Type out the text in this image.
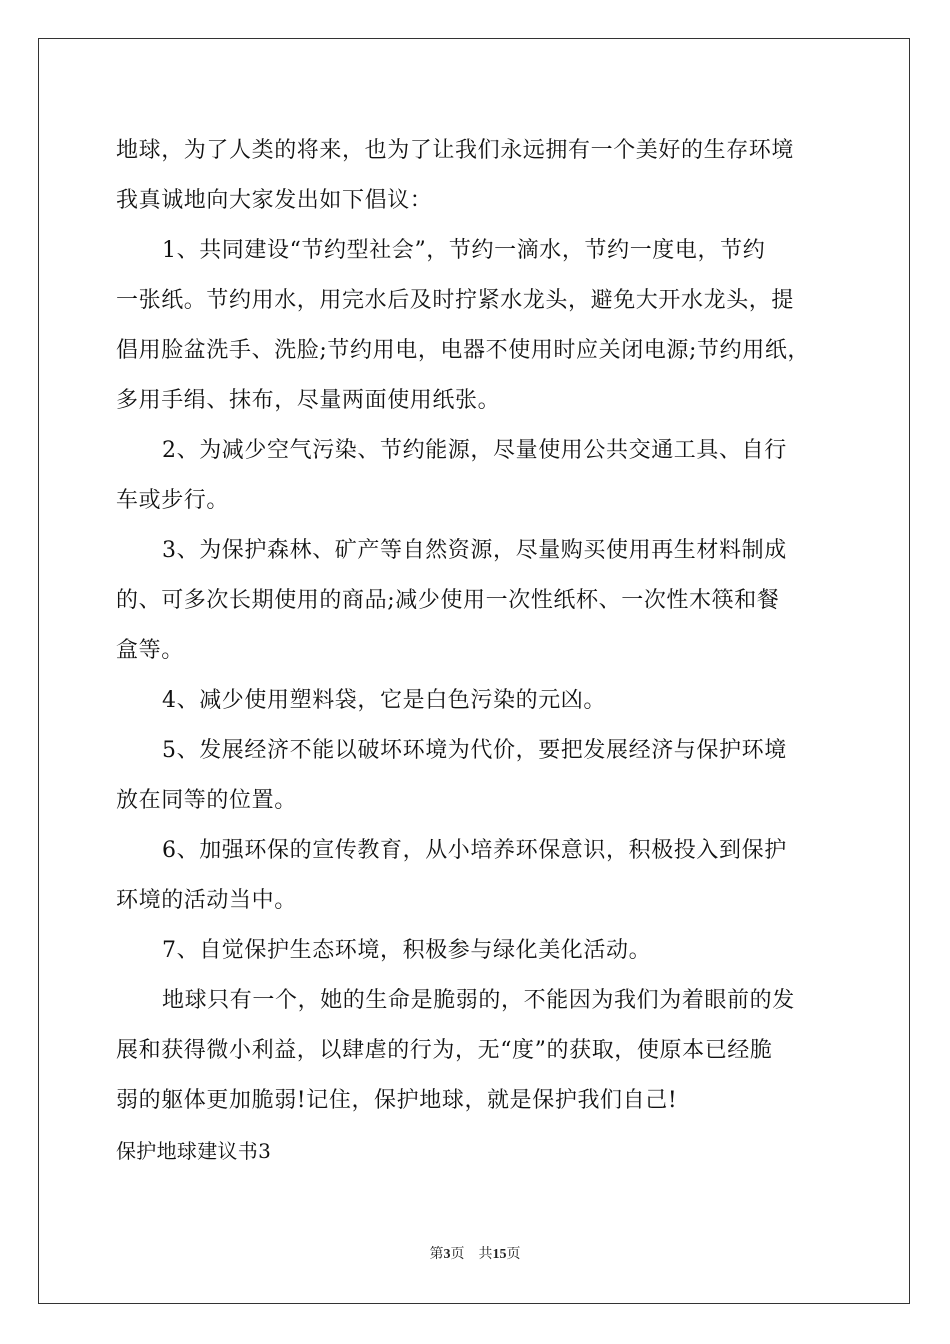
地球，为了人类的将来，也为了让我们永远拥有一个美好的生存环境
我真诚地向大家发出如下倡议：
1、共同建设“节约型社会”，节约一滴水，节约一度电，节约
一张纸。节约用水，用完水后及时拧紧水龙头，避免大开水龙头，提
倡用脸盆洗手、洗脸;节约用电，电器不使用时应关闭电源;节约用纸，
多用手绢、抹布，尽量两面使用纸张。
2、为减少空气污染、节约能源，尽量使用公共交通工具、自行
车或步行。
3、为保护森林、矿产等自然资源，尽量购买使用再生材料制成
的、可多次长期使用的商品;减少使用一次性纸杯、一次性木筷和餐
盒等。
4、减少使用塑料袋，它是白色污染的元凶。
5、发展经济不能以破坏环境为代价，要把发展经济与保护环境
放在同等的位置。
6、加强环保的宣传教育，从小培养环保意识，积极投入到保护
环境的活动当中。
7、自觉保护生态环境，积极参与绿化美化活动。
地球只有一个，她的生命是脆弱的，不能因为我们为着眼前的发
展和获得微小利益，以肆虐的行为，无“度”的获取，使原本已经脆
弱的躯体更加脆弱!记住，保护地球，就是保护我们自己!
保护地球建议书3
第3页 共15页
